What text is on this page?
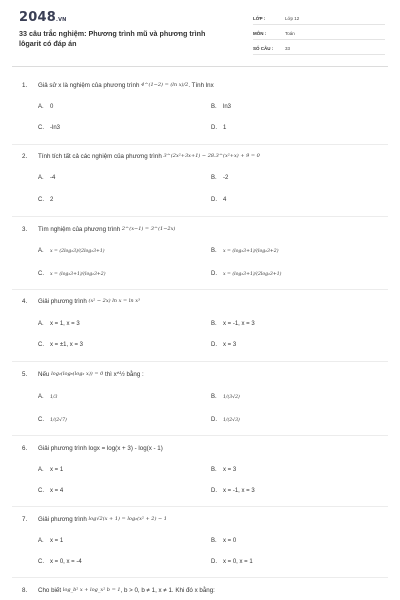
2048.VN
33 câu trắc nghiệm: Phương trình mũ và phương trình lôgarit có đáp án
LỚP :	Lớp 12
MÔN :	Toán
SỐ CÂU :	33
1. Giả sử x là nghiệm của phương trình 4^(1−2) = (ln x)/2. Tính lnx
A. 0	B. ln3
C. -ln3	D. 1
2. Tính tích tất cả các nghiệm của phương trình 3^(2x²+3x+1) − 28.3^(x²+x) + 9 = 0
A. -4	B. -2
C. 2	D. 4
3. Tìm nghiệm của phương trình 2^(x−1) = 3^(1−2x)
A. x = (2log₂3)/(2log₂3+1)	B. x = (log₂3+1)/(log₂3+2)
C. x = (log₂3+1)/(log₂3+2)	D. x = (log₂3+1)/(2log₂3+1)
4. Giải phương trình (x² − 2x) ln x = ln x³
A. x = 1, x = 3	B. x = -1, x = 3
C. x = ±1, x = 3	D. x = 3
5. Nếu log₂(log₈(log₂ x)) = 0 thì x^½ bằng :
A. 1/3	B. 1/(3√2)
C. 1/(2√7)	D. 1/(2√3)
6. Giải phương trình logx = log(x + 3) - log(x - 1)
A. x = 1	B. x = 3
C. x = 4	D. x = -1, x = 3
7. Giải phương trình log√2(x + 1) = log₂(x² + 2) − 1
A. x = 1	B. x = 0
C. x = 0, x = -4	D. x = 0, x = 1
8. Cho biết log_b² x + log_x² b = 1, b > 0, b ≠ 1, x ≠ 1. Khi đó x bằng:
